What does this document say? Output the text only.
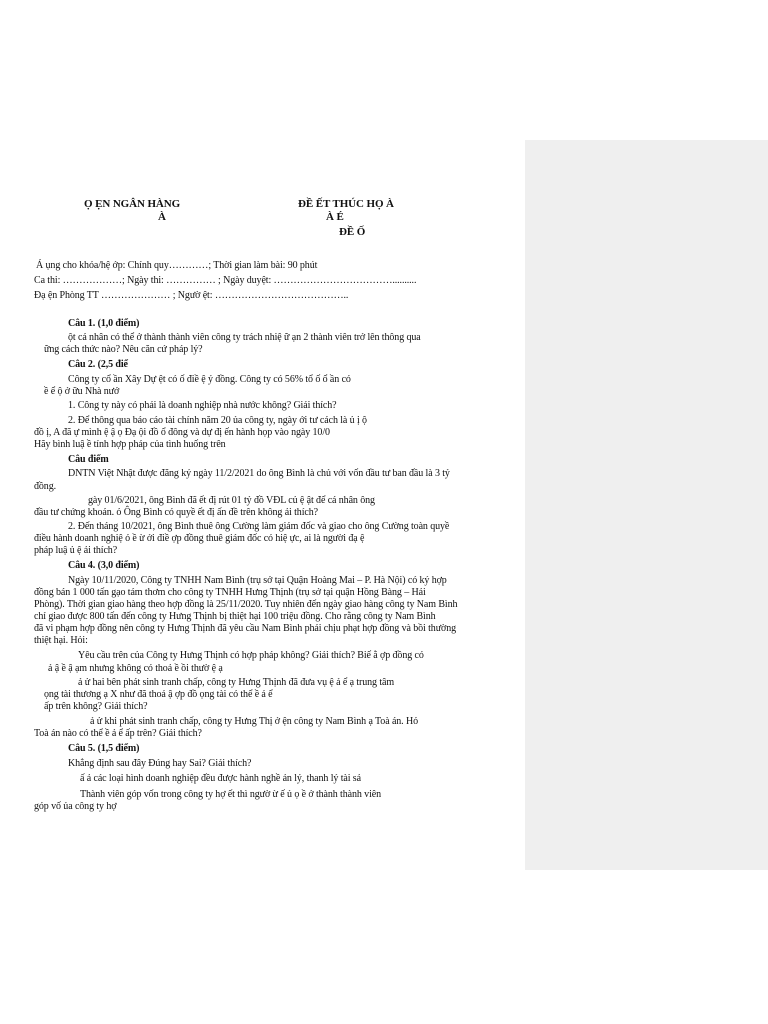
Ọ ẸN NGÂN HÀNG	ĐỀ ẾT THÚC HỌ À
À	À É
ĐỀ Ố
Á ụng cho khóa/hệ ớp: Chính quy…………; Thời gian làm bài: 90 phút
Ca thi: ………………; Ngày thi: …………… ; Ngày duyệt: ………………………………..........
Đạ ện Phòng TT ………………… ; Ngườ ệt: …………………………………..
Câu 1. (1,0 điểm)
ột cá nhân có thể ở thành thành viên công ty trách nhiệ ữ ạn 2 thành viên trở lên thông qua
ững cách thức nào? Nêu căn cứ pháp lý?
Câu 2. (2,5 điể
Công ty cổ ần Xây Dự ệt có ố điề ệ ỷ đồng. Công ty có 56% tổ ố ổ ần có
ề ể ộ ở ữu Nhà nướ
1. Công ty này có phải là doanh nghiệp nhà nước không? Giải thích?
2. Để thông qua báo cáo tài chính năm 20 ủa công ty, ngày ới tư cách là ủ ị ộ
đồ ị, A đã ự mình ệ ậ ọ Đạ ội đồ ổ đông và dự đị ến hành họp vào ngày 10/0
Hãy bình luậ ề tính hợp pháp của tình huống trên
Câu điểm
DNTN Việt Nhật được đăng ký ngày 11/2/2021 do ông Bình là chủ với vốn đầu tư ban đầu là 3 tỷ
đồng.
gày 01/6/2021, ông Bình đã ết đị rút 01 tỷ đồ VĐL củ ệ ật để cá nhân ông
đầu tư chứng khoán. ỏ Ông Bình có quyề ết đị ấn đề trên không ải thích?
2. Đến tháng 10/2021, ông Bình thuê ông Cường làm giám đốc và giao cho ông Cường toàn quyề
điều hành doanh nghiệ ỏ ề ừ ởi điề ợp đồng thuê giám đốc có hiệ ực, ai là người đạ ệ
pháp luậ ủ ệ ải thích?
Câu 4. (3,0 điểm)
Ngày 10/11/2020, Công ty TNHH Nam Bình (trụ sở tại Quận Hoàng Mai – P. Hà Nội) có ký hợp
đồng bán 1 000 tấn gạo tám thơm cho công ty TNHH Hưng Thịnh (trụ sở tại quận Hồng Bàng – Hải
Phòng). Thời gian giao hàng theo hợp đồng là 25/11/2020. Tuy nhiên đến ngày giao hàng công ty Nam Bình
chỉ giao được 800 tấn đến công ty Hưng Thịnh bị thiệt hại 100 triệu đồng. Cho rằng công ty Nam Bình
đã vi phạm hợp đồng nên công ty Hưng Thịnh đã yêu cầu Nam Bình phải chịu phạt hợp đồng và bồi thường
thiệt hại. Hỏi:
Yêu cầu trên của Công ty Hưng Thịnh có hợp pháp không? Giải thích? Biế ằ ợp đồng có
ả ậ ề ậ ạm nhưng không có thoả ề ồi thườ ệ ạ
ả ử hai bên phát sinh tranh chấp, công ty Hưng Thịnh đã đưa vụ ệ ả ể ạ trung tâm
ọng tài thương ạ X như đã thoả ậ ợp đồ ọng tài có thể ề ả ể
ấp trên không? Giải thích?
ả ử khi phát sinh tranh chấp, công ty Hưng Thị ở ện công ty Nam Bình ạ Toà án. Hỏ
Toà án nào có thể ề ả ể ấp trên? Giải thích?
Câu 5. (1,5 điểm)
Khẳng định sau đây Đúng hay Sai? Giải thích?
ấ ả các loại hình doanh nghiệp đều được hành nghề ản lý, thanh lý tài sả
Thành viên góp vốn trong công ty hợ ết thì ngườ ừ ế ủ ọ ề ở thành thành viên
góp vố ủa công ty hợ
